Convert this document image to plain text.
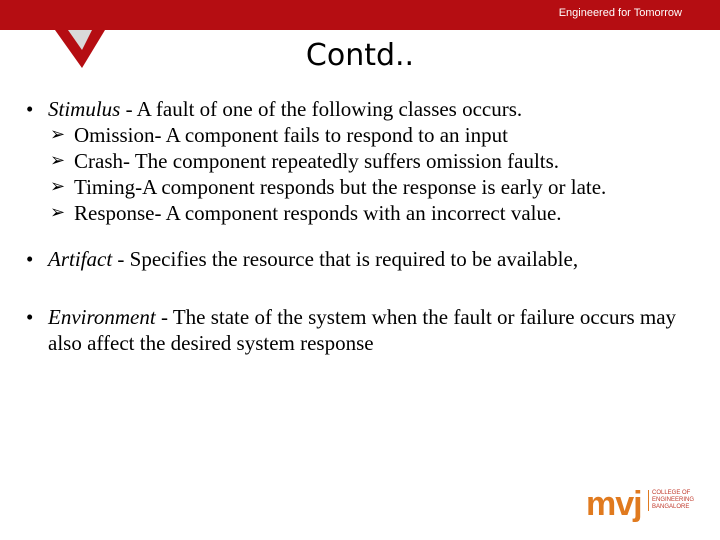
Engineered for Tomorrow
Contd..
• Stimulus - A fault of one of the following classes occurs.
➢ Omission- A component fails to respond to an input
➢ Crash- The component repeatedly suffers omission faults.
➢ Timing-A component responds but the response is early or late.
➢ Response- A component responds with an incorrect value.
• Artifact - Specifies the resource that is required to be available,
• Environment - The state of the system when the fault or failure occurs may also affect the desired system response
mvj COLLEGE OF
ENGINEERING
BANGALORE
